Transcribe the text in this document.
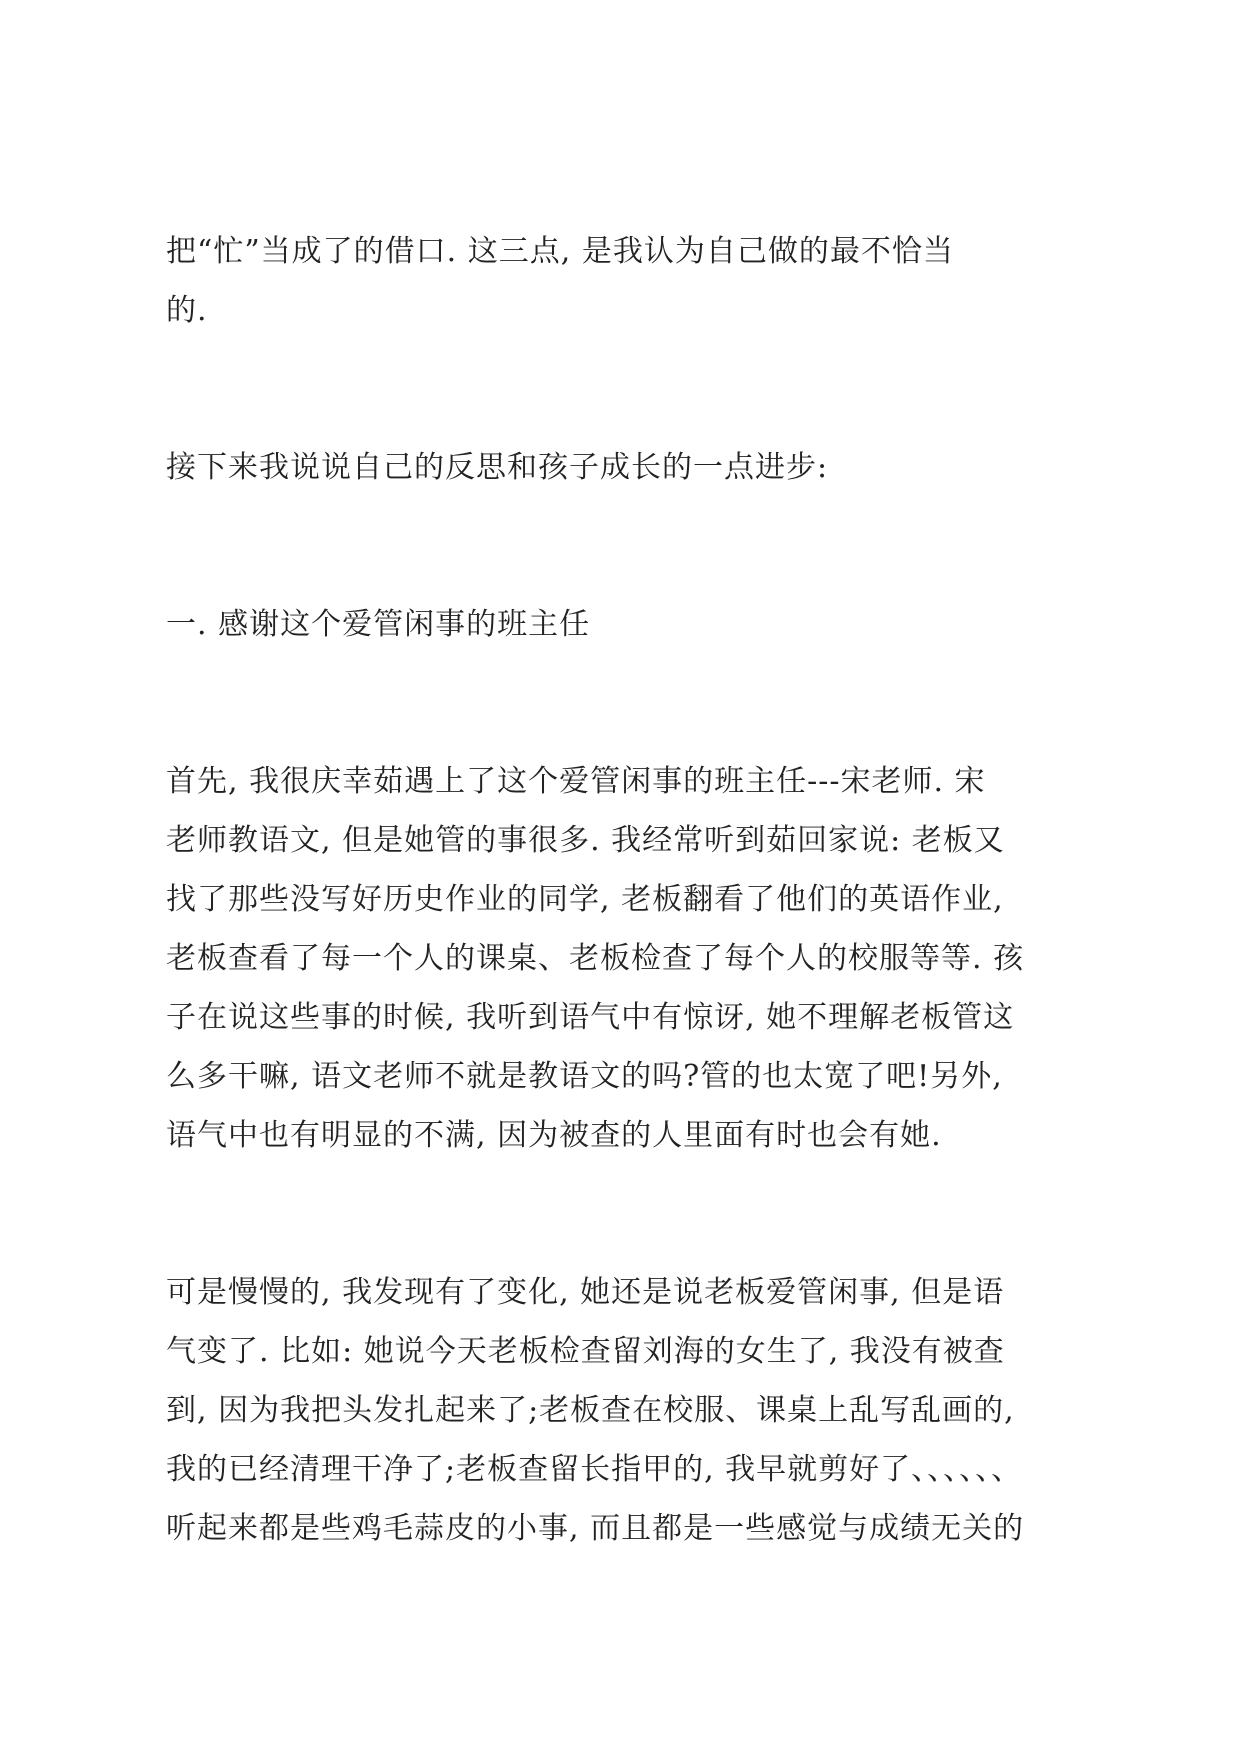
把“忙”当成了的借口. 这三点, 是我认为自己做的最不恰当
的.
接下来我说说自己的反思和孩子成长的一点进步:
一. 感谢这个爱管闲事的班主任
首先, 我很庆幸茹遇上了这个爱管闲事的班主任---宋老师. 宋
老师教语文, 但是她管的事很多. 我经常听到茹回家说: 老板又
找了那些没写好历史作业的同学, 老板翻看了他们的英语作业,
老板查看了每一个人的课桌、老板检查了每个人的校服等等. 孩
子在说这些事的时候, 我听到语气中有惊讶, 她不理解老板管这
么多干嘛, 语文老师不就是教语文的吗?管的也太宽了吧!另外,
语气中也有明显的不满, 因为被查的人里面有时也会有她.
可是慢慢的, 我发现有了变化, 她还是说老板爱管闲事, 但是语
气变了. 比如: 她说今天老板检查留刘海的女生了, 我没有被查
到, 因为我把头发扎起来了;老板查在校服、课桌上乱写乱画的,
我的已经清理干净了;老板查留长指甲的, 我早就剪好了、、、、、、
听起来都是些鸡毛蒜皮的小事, 而且都是一些感觉与成绩无关的
